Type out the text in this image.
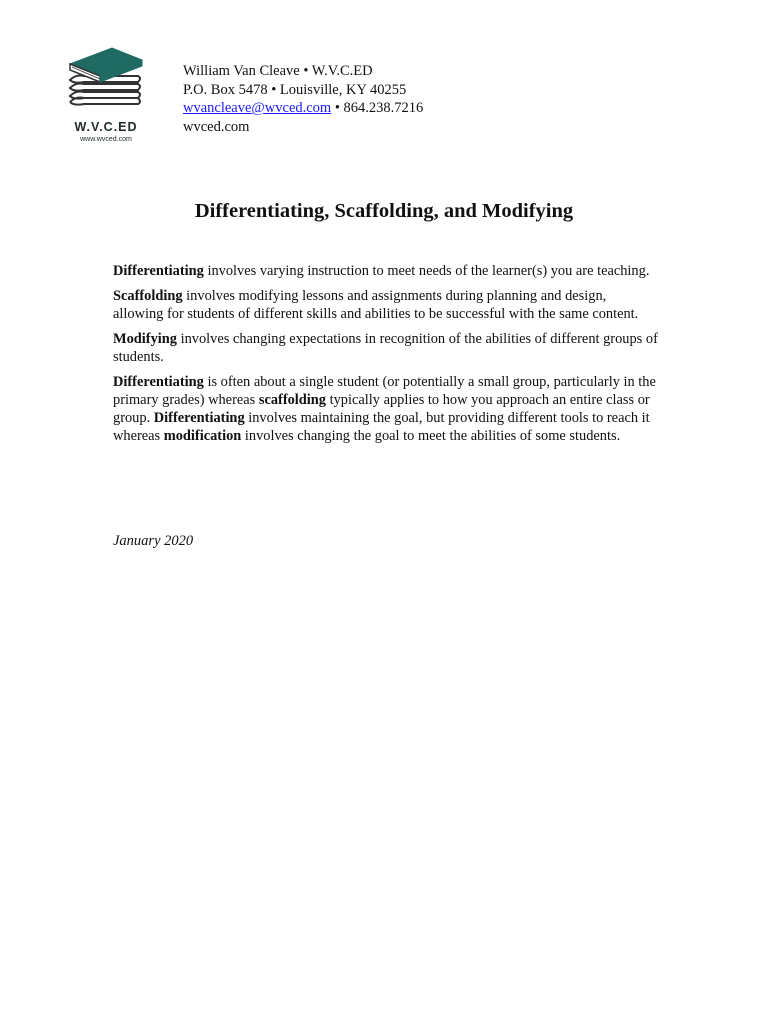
W.V.C.ED
www.wvced.com
William Van Cleave • W.V.C.ED
P.O. Box 5478 • Louisville, KY 40255
wvancleave@wvced.com • 864.238.7216
wvced.com
Differentiating, Scaffolding, and Modifying

Differentiating involves varying instruction to meet needs of the learner(s) you are teaching.

Scaffolding involves modifying lessons and assignments during planning and design, allowing for students of different skills and abilities to be successful with the same content.

Modifying involves changing expectations in recognition of the abilities of different groups of students.

Differentiating is often about a single student (or potentially a small group, particularly in the primary grades) whereas scaffolding typically applies to how you approach an entire class or group. Differentiating involves maintaining the goal, but providing different tools to reach it whereas modification involves changing the goal to meet the abilities of some students.

January 2020
